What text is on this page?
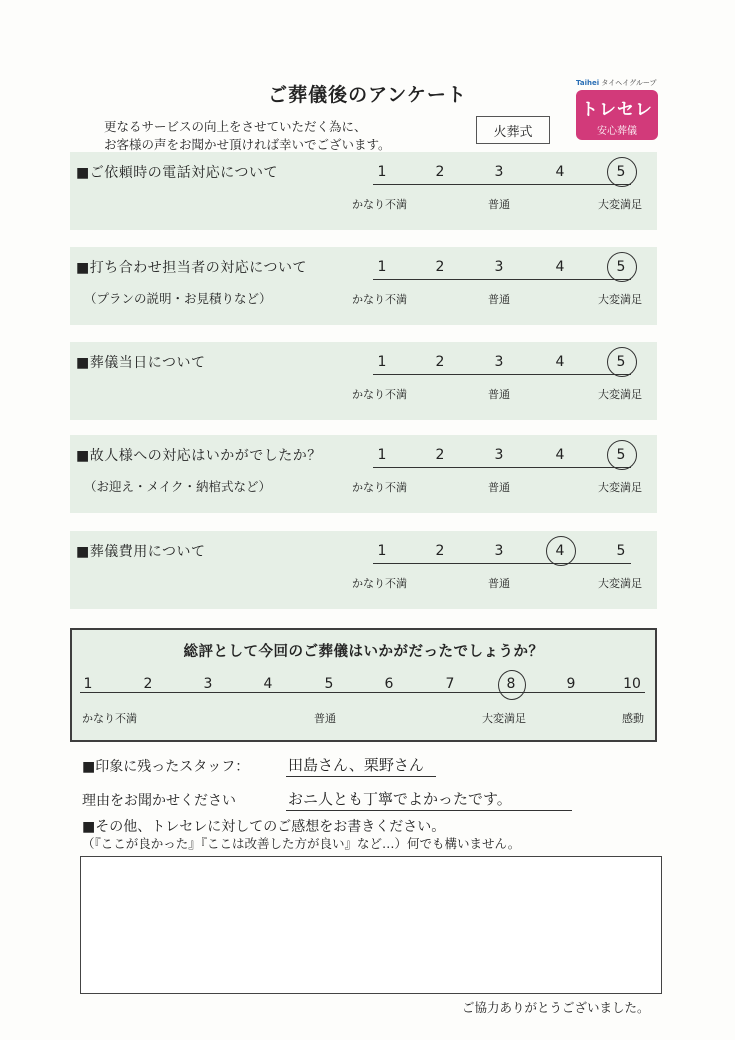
ご葬儀後のアンケート
更なるサービスの向上をさせていただく為に、
お客様の声をお聞かせ頂ければ幸いでございます。
火葬式
Taihei タイヘイグループ
トレセレ
安心葬儀
■ご依頼時の電話対応について	1	2	3	4	5
かなり不満	普通	大変満足
■打ち合わせ担当者の対応について
（プランの説明・お見積りなど）
1	2	3	4	5
かなり不満	普通	大変満足
■葬儀当日について	1	2	3	4	5
かなり不満	普通	大変満足
■故人様への対応はいかがでしたか？
（お迎え・メイク・納棺式など）
1	2	3	4	5
かなり不満	普通	大変満足
■葬儀費用について	1	2	3	4	5
かなり不満	普通	大変満足
総評として今回のご葬儀はいかがだったでしょうか？
1	2	3	4	5	6	7	8	9	10
かなり不満	普通	大変満足	感動
■印象に残ったスタッフ：	田島さん、栗野さん
理由をお聞かせください	おニ人とも丁寧でよかったです。
■その他、トレセレに対してのご感想をお書きください。
（『ここが良かった』『ここは改善した方が良い』など…）何でも構いません。
ご協力ありがとうございました。
